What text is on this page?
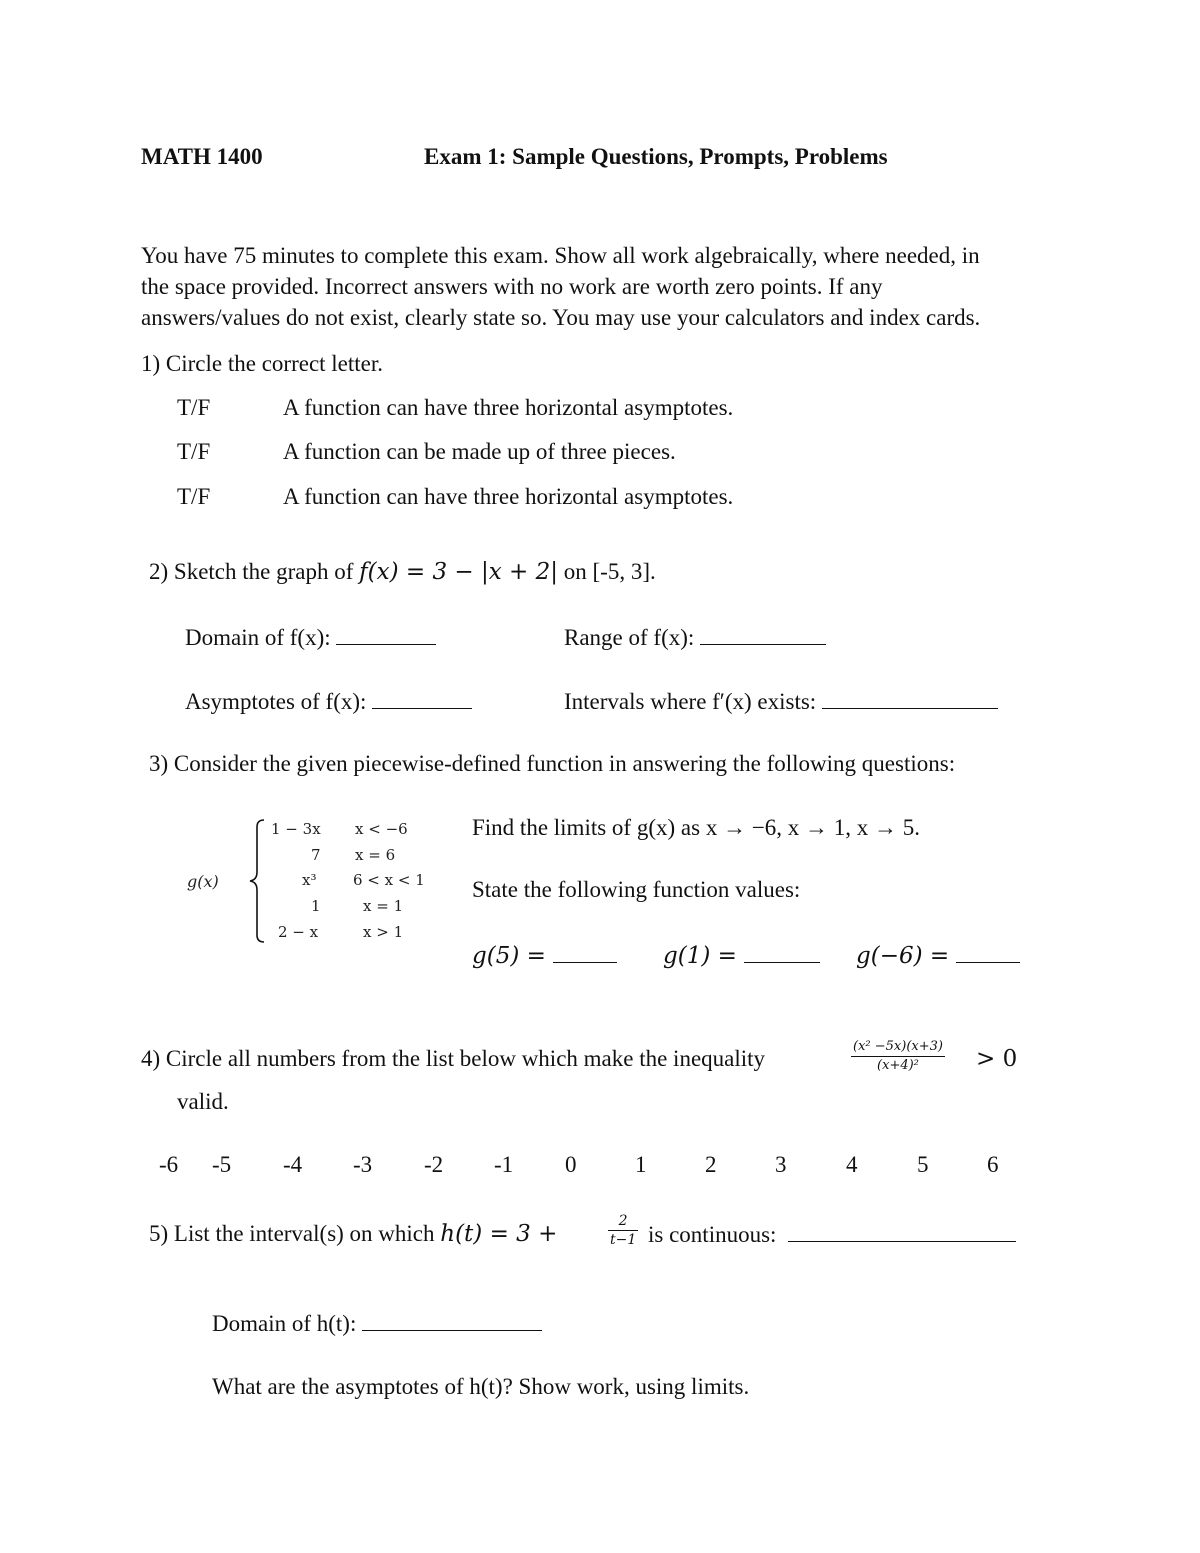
MATH 1400	Exam 1: Sample Questions, Prompts, Problems
You have 75 minutes to complete this exam. Show all work algebraically, where needed, in
the space provided. Incorrect answers with no work are worth zero points. If any
answers/values do not exist, clearly state so. You may use your calculators and index cards.
1) Circle the correct letter.
T/F	A function can have three horizontal asymptotes.
T/F	A function can be made up of three pieces.
T/F	A function can have three horizontal asymptotes.
2) Sketch the graph of f(x) = 3 − |x + 2| on [-5, 3].
Domain of f(x):	Range of f(x):
Asymptotes of f(x):	Intervals where f′(x) exists:
3) Consider the given piecewise-defined function in answering the following questions:
g(x)
1 − 3x x < −6
7 x = 6
x³ 6 < x < 1
1	x = 1
2 − x	x > 1
Find the limits of g(x) as x → −6, x → 1, x → 5.
State the following function values:
g(5) =	g(1) =	g(−6) =
4) Circle all numbers from the list below which make the inequality	$\frac{\text{(x² −5x)(x+3)}}{\text{(x+4)²}} > 0$
valid.
-6 -5 -4 -3 -2 -1 0	1	2	3	4	5	6
5) List the interval(s) on which h(t) = 3 +	$\frac{2}{t-1}$ is continuous:
Domain of h(t):
What are the asymptotes of h(t)? Show work, using limits.
